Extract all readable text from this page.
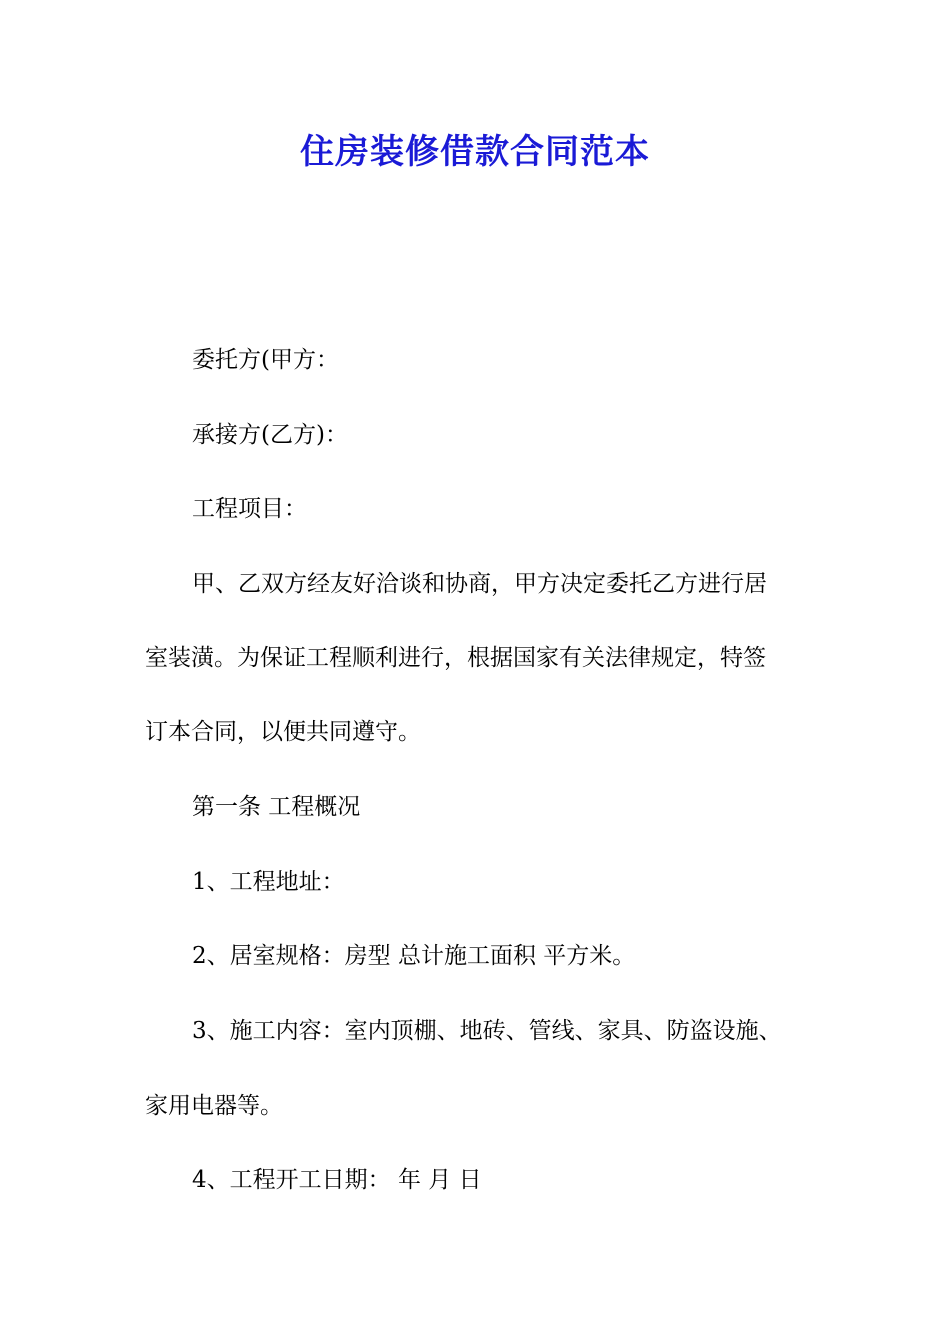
住房装修借款合同范本

委托方(甲方：

承接方(乙方)：

工程项目：

甲、乙双方经友好洽谈和协商，甲方决定委托乙方进行居

室装潢。为保证工程顺利进行，根据国家有关法律规定，特签

订本合同，以便共同遵守。

第一条 工程概况

1、工程地址：

2、居室规格：房型 总计施工面积 平方米。

3、施工内容：室内顶棚、地砖、管线、家具、防盗设施、

家用电器等。

4、工程开工日期： 年 月 日
